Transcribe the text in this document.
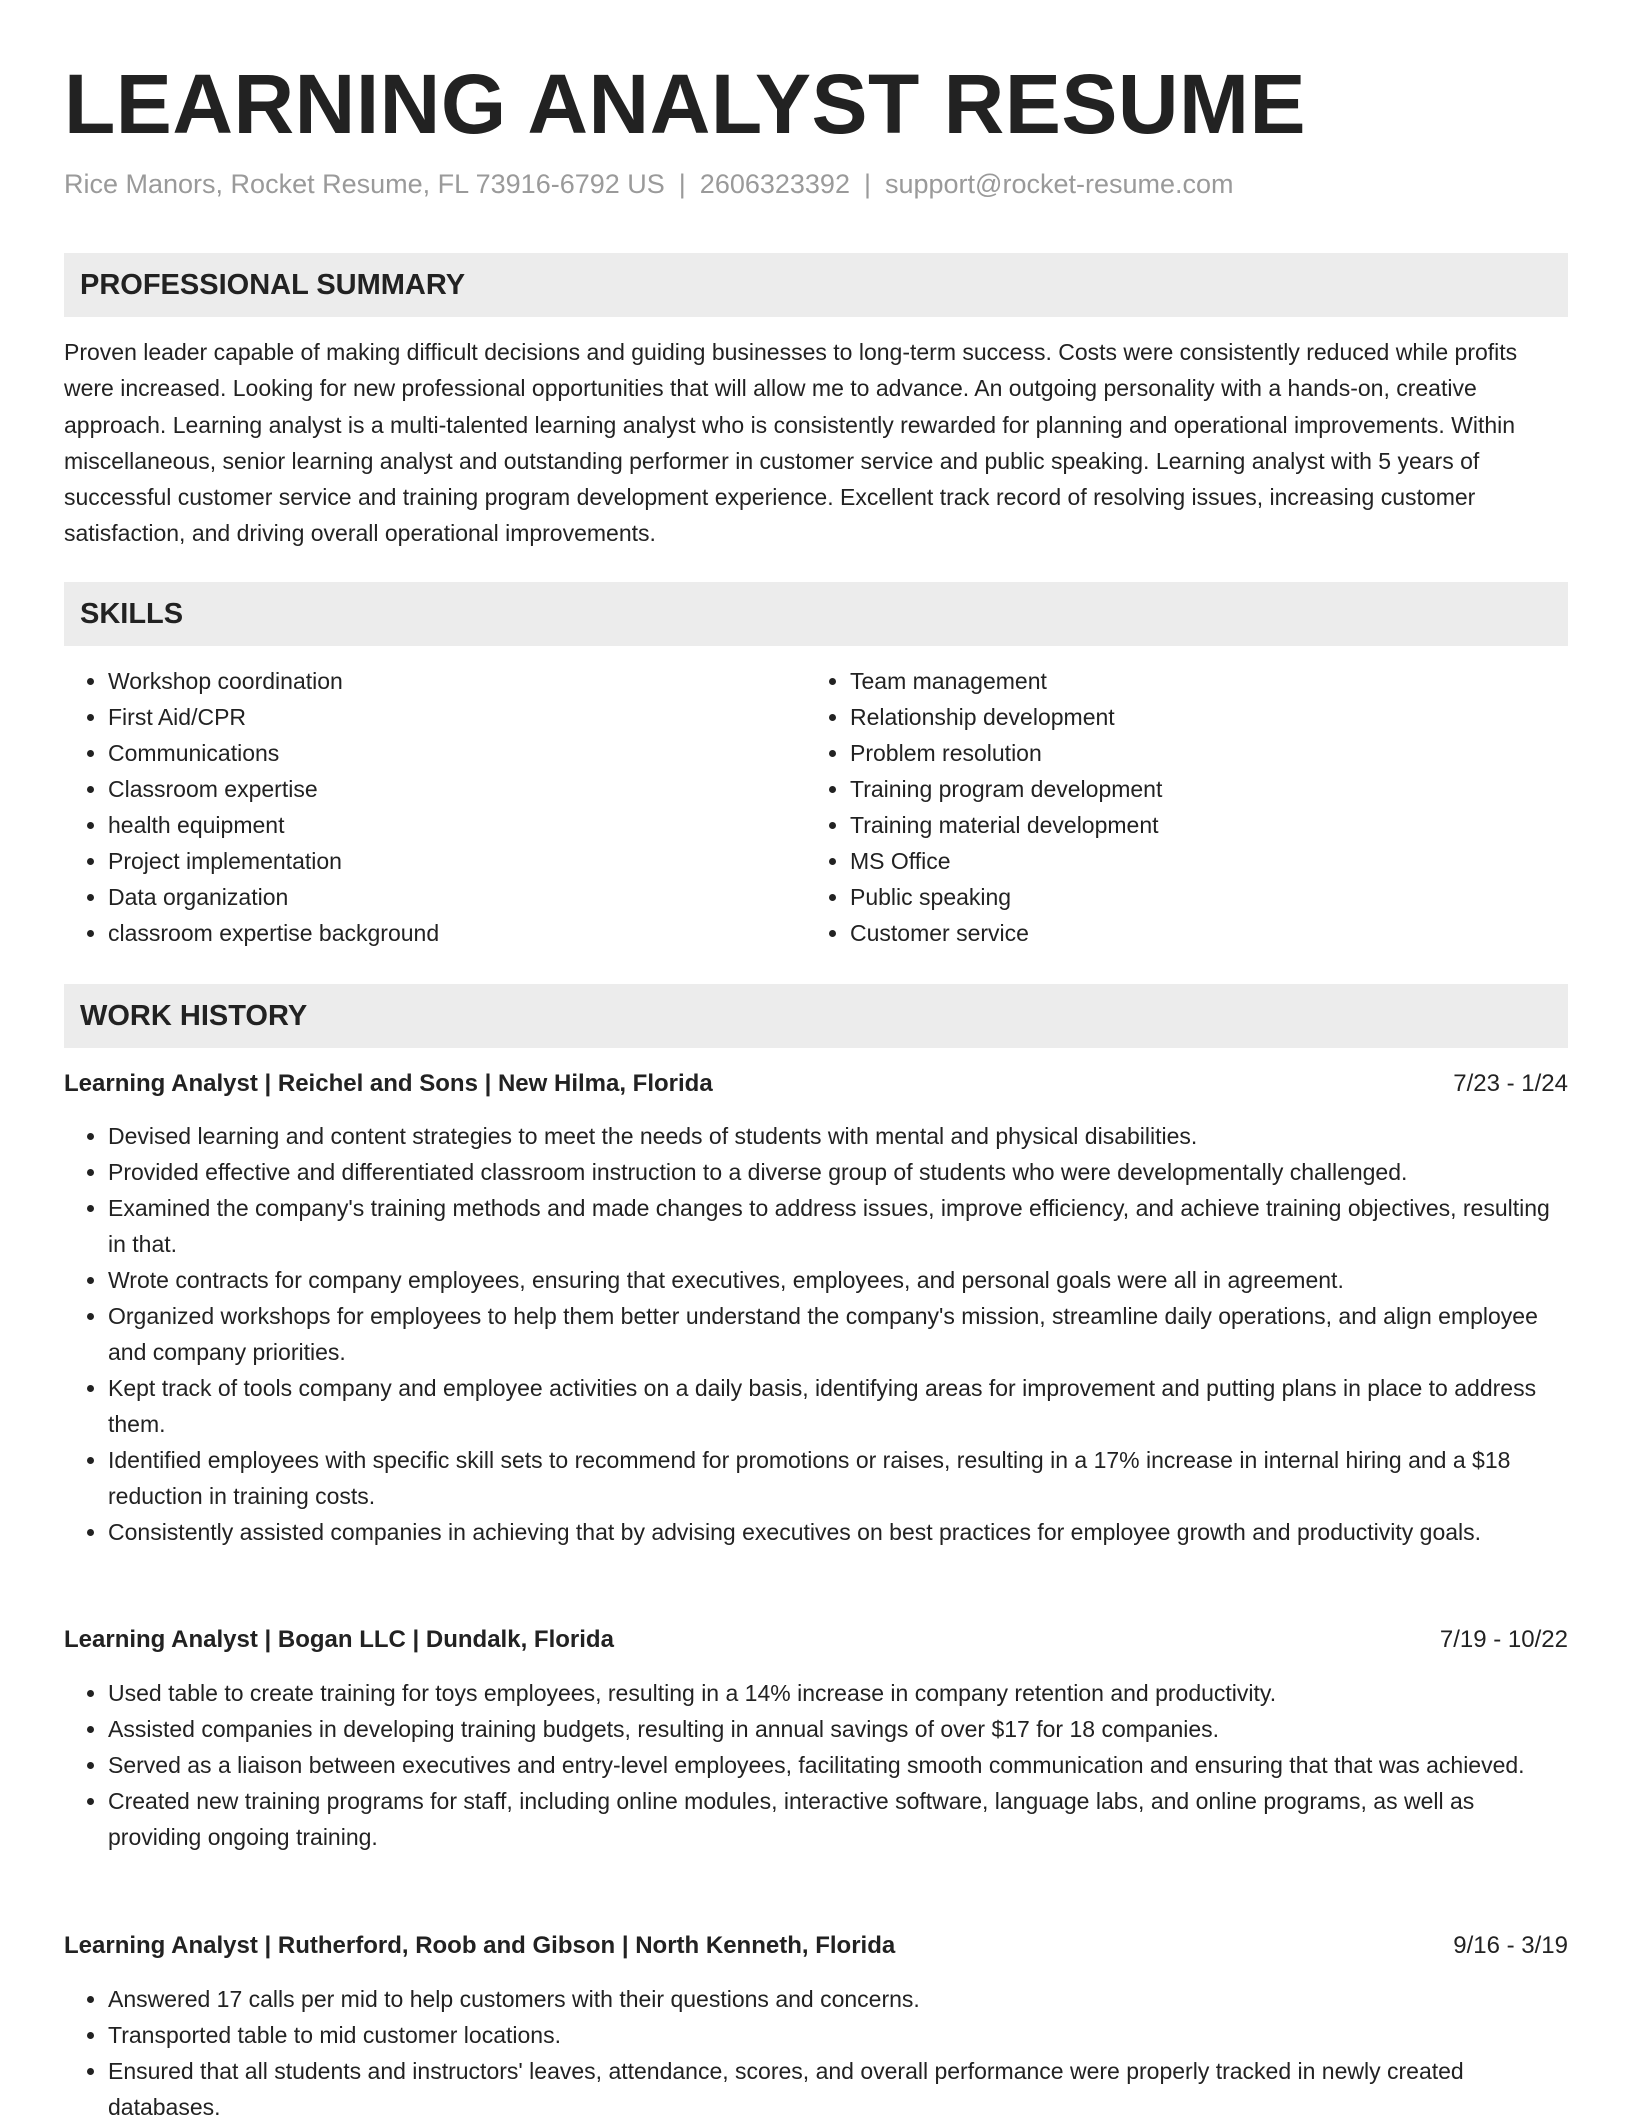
LEARNING ANALYST RESUME
Rice Manors, Rocket Resume, FL 73916-6792 US | 2606323392 | support@rocket-resume.com
PROFESSIONAL SUMMARY

Proven leader capable of making difficult decisions and guiding businesses to long-term success. Costs were consistently reduced while profits were increased. Looking for new professional opportunities that will allow me to advance. An outgoing personality with a hands-on, creative approach. Learning analyst is a multi-talented learning analyst who is consistently rewarded for planning and operational improvements. Within miscellaneous, senior learning analyst and outstanding performer in customer service and public speaking. Learning analyst with 5 years of successful customer service and training program development experience. Excellent track record of resolving issues, increasing customer satisfaction, and driving overall operational improvements.

SKILLS
• Workshop coordination
• First Aid/CPR
• Communications
• Classroom expertise
• health equipment
• Project implementation
• Data organization
• classroom expertise background
• Team management
• Relationship development
• Problem resolution
• Training program development
• Training material development
• MS Office
• Public speaking
• Customer service
WORK HISTORY
Learning Analyst | Reichel and Sons | New Hilma, Florida	7/23 - 1/24
• Devised learning and content strategies to meet the needs of students with mental and physical disabilities.
• Provided effective and differentiated classroom instruction to a diverse group of students who were developmentally challenged.
• Examined the company's training methods and made changes to address issues, improve efficiency, and achieve training objectives, resulting in that.
• Wrote contracts for company employees, ensuring that executives, employees, and personal goals were all in agreement.
• Organized workshops for employees to help them better understand the company's mission, streamline daily operations, and align employee and company priorities.
• Kept track of tools company and employee activities on a daily basis, identifying areas for improvement and putting plans in place to address them.
• Identified employees with specific skill sets to recommend for promotions or raises, resulting in a 17% increase in internal hiring and a $18 reduction in training costs.
• Consistently assisted companies in achieving that by advising executives on best practices for employee growth and productivity goals.
Learning Analyst | Bogan LLC | Dundalk, Florida	7/19 - 10/22
• Used table to create training for toys employees, resulting in a 14% increase in company retention and productivity.
• Assisted companies in developing training budgets, resulting in annual savings of over $17 for 18 companies.
• Served as a liaison between executives and entry-level employees, facilitating smooth communication and ensuring that that was achieved.
• Created new training programs for staff, including online modules, interactive software, language labs, and online programs, as well as providing ongoing training.
Learning Analyst | Rutherford, Roob and Gibson | North Kenneth, Florida	9/16 - 3/19
• Answered 17 calls per mid to help customers with their questions and concerns.
• Transported table to mid customer locations.
• Ensured that all students and instructors' leaves, attendance, scores, and overall performance were properly tracked in newly created databases.
